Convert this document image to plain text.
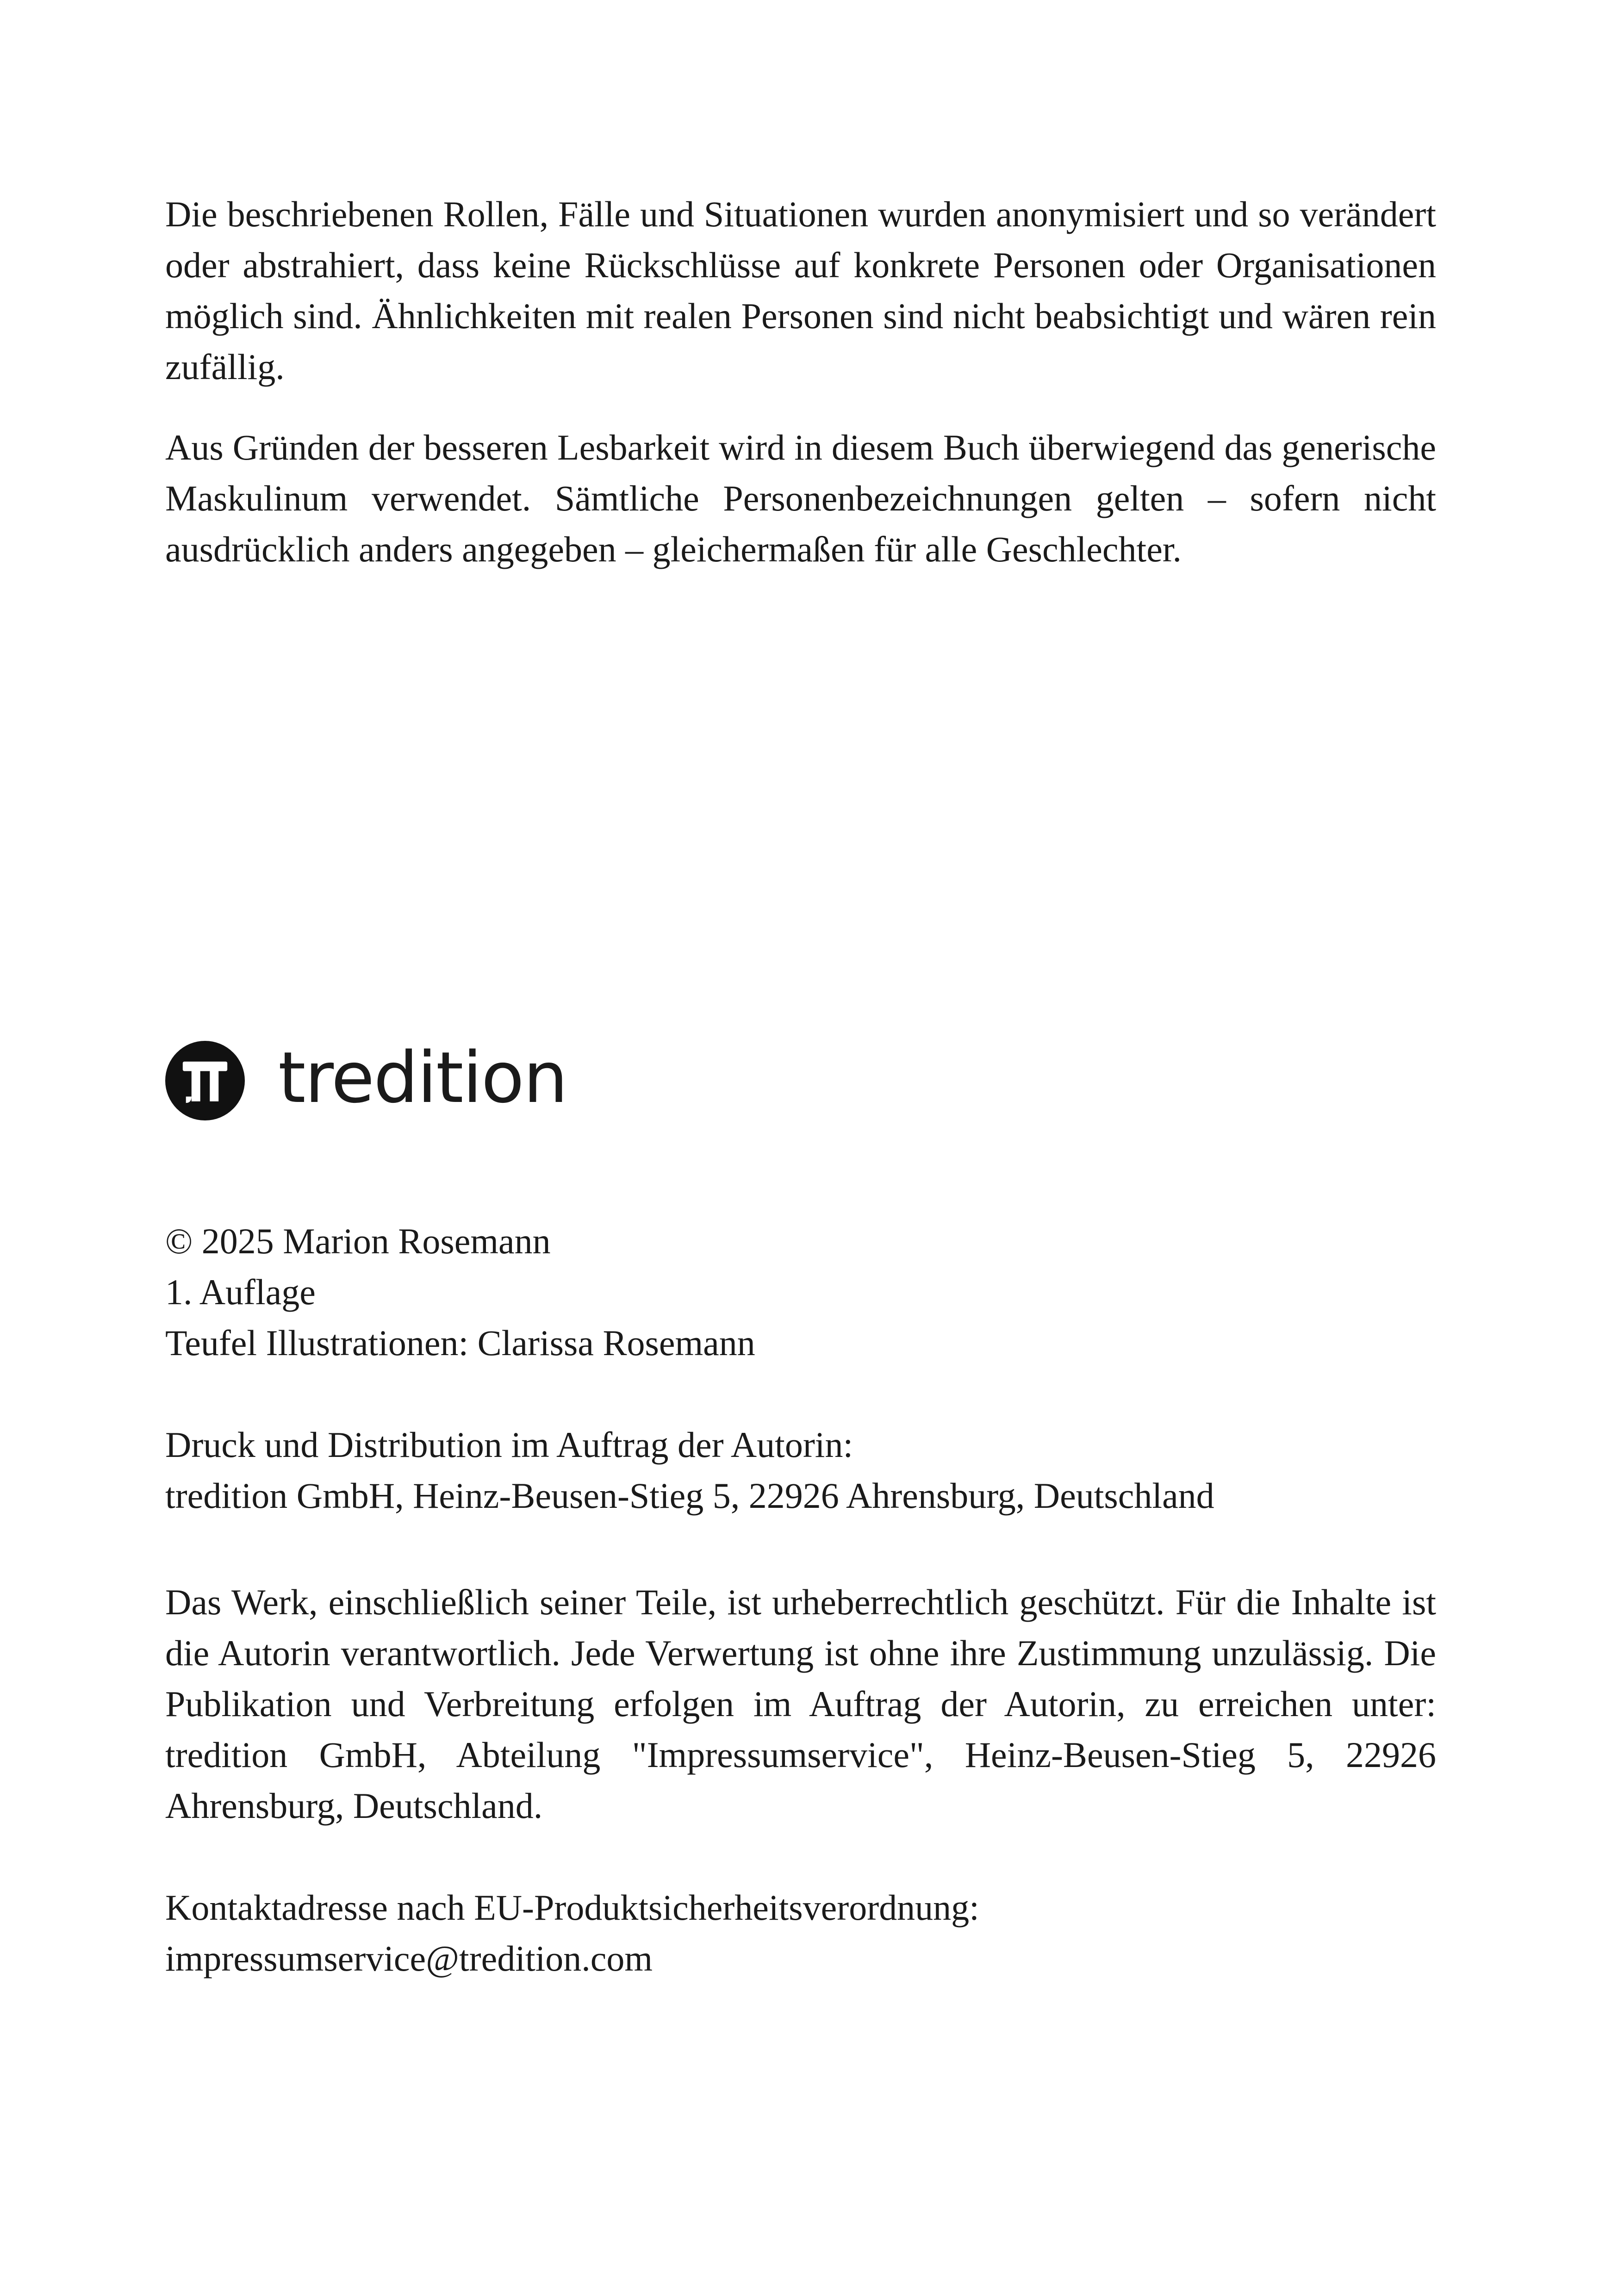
Die beschriebenen Rollen, Fälle und Situationen wurden anonymisiert und so verändert oder abstrahiert, dass keine Rückschlüsse auf konkrete Personen oder Organisationen möglich sind. Ähnlichkeiten mit realen Personen sind nicht beabsichtigt und wären rein zufällig.

Aus Gründen der besseren Lesbarkeit wird in diesem Buch überwiegend das generische Maskulinum verwendet. Sämtliche Personenbezeichnungen gelten – sofern nicht ausdrücklich anders angegeben – gleichermaßen für alle Geschlechter.

tredition
© 2025 Marion Rosemann
1. Auflage
Teufel Illustrationen: Clarissa Rosemann
Druck und Distribution im Auftrag der Autorin:
tredition GmbH, Heinz-Beusen-Stieg 5, 22926 Ahrensburg, Deutschland

Das Werk, einschließlich seiner Teile, ist urheberrechtlich geschützt. Für die Inhalte ist die Autorin verantwortlich. Jede Verwertung ist ohne ihre Zustimmung unzulässig. Die Publikation und Verbreitung erfolgen im Auftrag der Autorin, zu erreichen unter: tredition GmbH, Abteilung "Impressumservice", Heinz-Beusen-Stieg 5, 22926 Ahrensburg, Deutschland.

Kontaktadresse nach EU-Produktsicherheitsverordnung:
impressumservice@tredition.com
